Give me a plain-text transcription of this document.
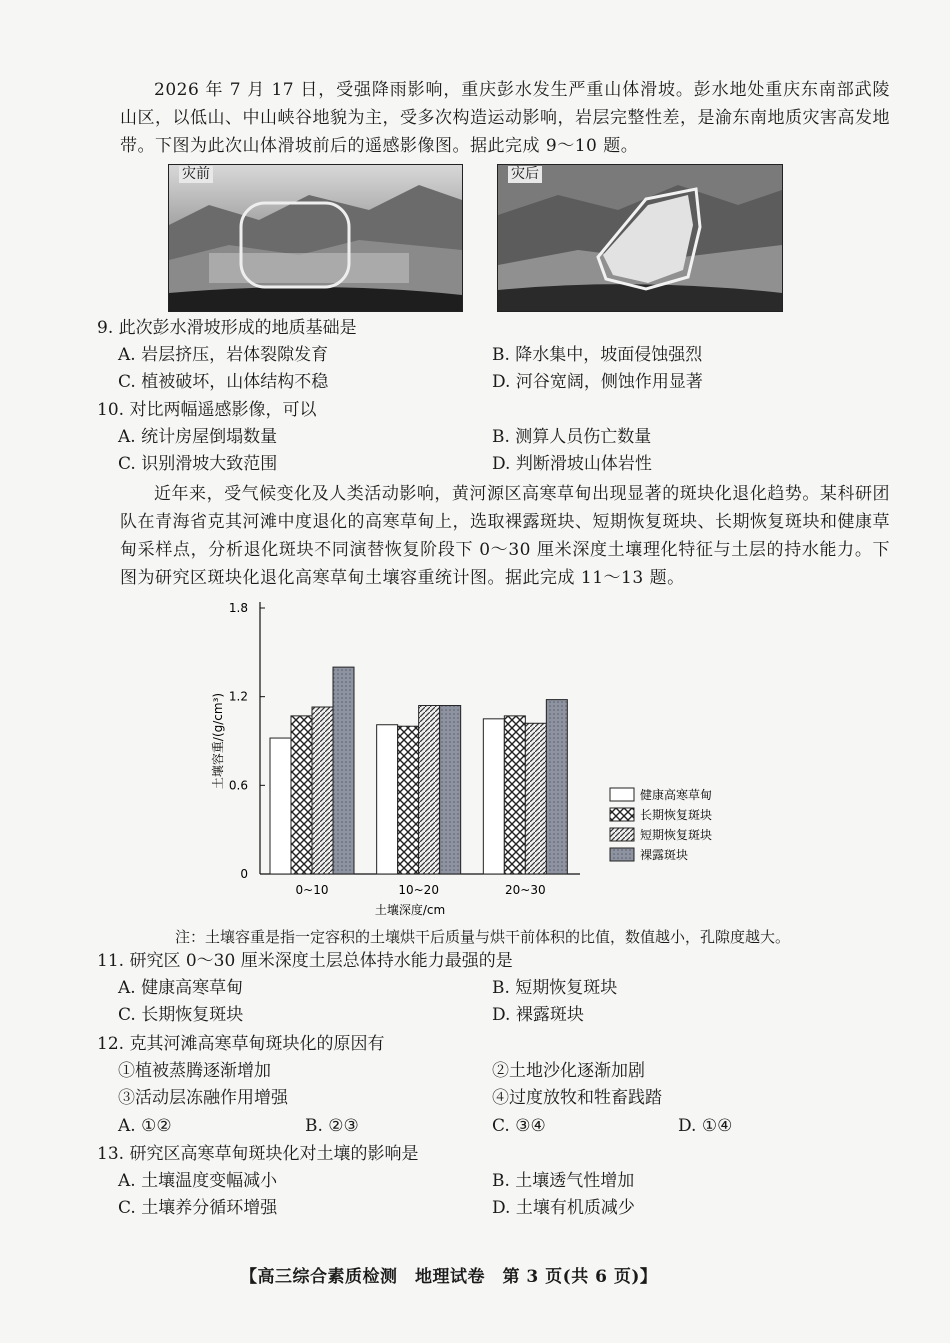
2026 年 7 月 17 日，受强降雨影响，重庆彭水发生严重山体滑坡。彭水地处重庆东南部武陵山区，以低山、中山峡谷地貌为主，受多次构造运动影响，岩层完整性差，是渝东南地质灾害高发地带。下图为此次山体滑坡前后的遥感影像图。据此完成 9～10 题。
灾前	灾后
9. 此次彭水滑坡形成的地质基础是
A. 岩层挤压，岩体裂隙发育	B. 降水集中，坡面侵蚀强烈
C. 植被破坏，山体结构不稳	D. 河谷宽阔，侧蚀作用显著
10. 对比两幅遥感影像，可以
A. 统计房屋倒塌数量	B. 测算人员伤亡数量
C. 识别滑坡大致范围	D. 判断滑坡山体岩性
近年来，受气候变化及人类活动影响，黄河源区高寒草甸出现显著的斑块化退化趋势。某科研团队在青海省克其河滩中度退化的高寒草甸上，选取裸露斑块、短期恢复斑块、长期恢复斑块和健康草甸采样点，分析退化斑块不同演替恢复阶段下 0～30 厘米深度土壤理化特征与土层的持水能力。下图为研究区斑块化退化高寒草甸土壤容重统计图。据此完成 11～13 题。
0
0.6
1.2
1.8
土壤容重/(g/cm³)
土壤深度/cm
0~10	10~20	20~30
健康高寒草甸
长期恢复斑块
短期恢复斑块
裸露斑块
注：土壤容重是指一定容积的土壤烘干后质量与烘干前体积的比值，数值越小，孔隙度越大。
11. 研究区 0～30 厘米深度土层总体持水能力最强的是
A. 健康高寒草甸	B. 短期恢复斑块
C. 长期恢复斑块	D. 裸露斑块
12. 克其河滩高寒草甸斑块化的原因有
①植被蒸腾逐渐增加	②土地沙化逐渐加剧
③活动层冻融作用增强	④过度放牧和牲畜践踏
A. ①②	B. ②③	C. ③④	D. ①④
13. 研究区高寒草甸斑块化对土壤的影响是
A. 土壤温度变幅减小	B. 土壤透气性增加
C. 土壤养分循环增强	D. 土壤有机质减少
【高三综合素质检测　地理试卷　第 3 页(共 6 页)】
